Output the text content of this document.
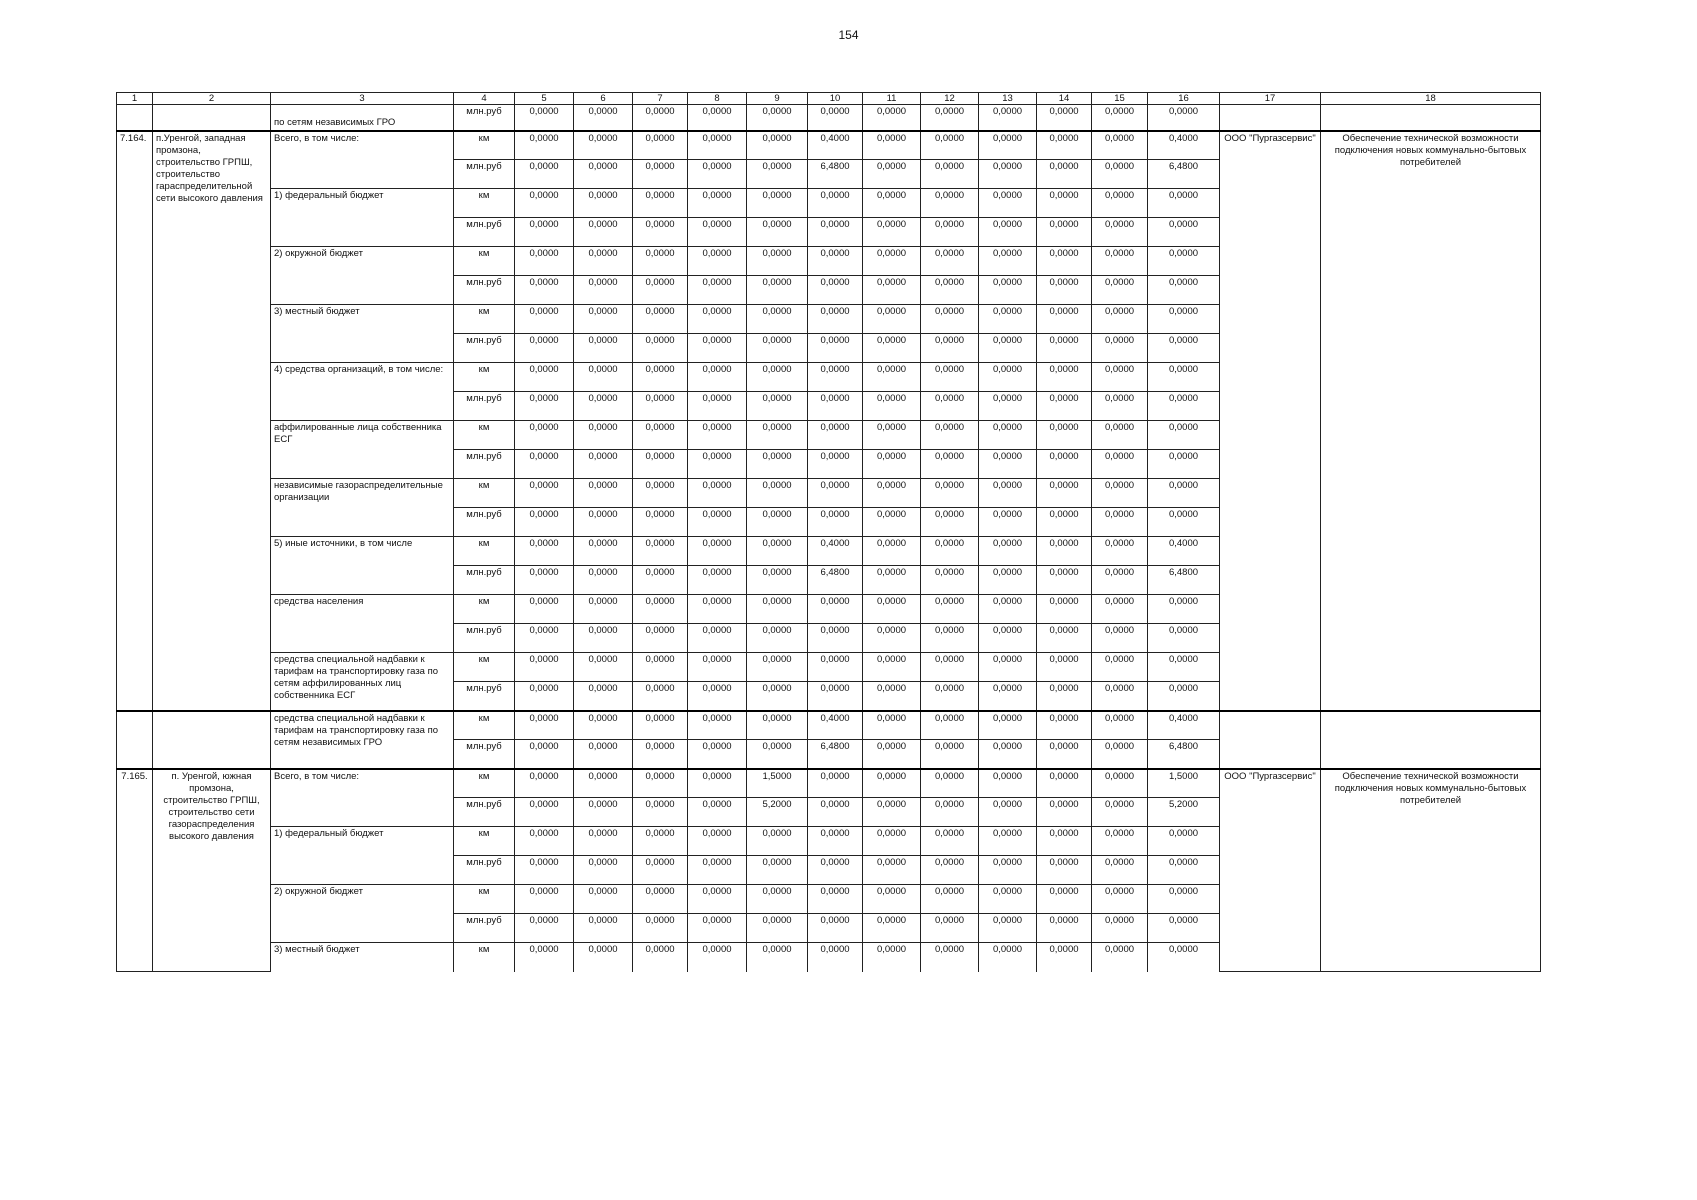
154
1	2	3	4	5	6	7	8	9	10	11	12	13	14	15	16	17	18
		по сетям независимых ГРО	млн.руб	0,0000	0,0000	0,0000	0,0000	0,0000	0,0000	0,0000	0,0000	0,0000	0,0000	0,0000	0,0000		
7.164.	п.Уренгой, западная промзона, строительство ГРПШ, строительство гараспределительной сети высокого давления	Всего, в том числе:	км	0,0000	0,0000	0,0000	0,0000	0,0000	0,4000	0,0000	0,0000	0,0000	0,0000	0,0000	0,4000	ООО "Пургазсервис"	Обеспечение технической возможности подключения новых коммунально-бытовых потребителей
			млн.руб	0,0000	0,0000	0,0000	0,0000	0,0000	6,4800	0,0000	0,0000	0,0000	0,0000	0,0000	6,4800		
		1) федеральный бюджет	км	0,0000	0,0000	0,0000	0,0000	0,0000	0,0000	0,0000	0,0000	0,0000	0,0000	0,0000	0,0000		
			млн.руб	0,0000	0,0000	0,0000	0,0000	0,0000	0,0000	0,0000	0,0000	0,0000	0,0000	0,0000	0,0000		
		2) окружной бюджет	км	0,0000	0,0000	0,0000	0,0000	0,0000	0,0000	0,0000	0,0000	0,0000	0,0000	0,0000	0,0000		
			млн.руб	0,0000	0,0000	0,0000	0,0000	0,0000	0,0000	0,0000	0,0000	0,0000	0,0000	0,0000	0,0000		
		3) местный бюджет	км	0,0000	0,0000	0,0000	0,0000	0,0000	0,0000	0,0000	0,0000	0,0000	0,0000	0,0000	0,0000		
			млн.руб	0,0000	0,0000	0,0000	0,0000	0,0000	0,0000	0,0000	0,0000	0,0000	0,0000	0,0000	0,0000		
		4) средства организаций, в том числе:	км	0,0000	0,0000	0,0000	0,0000	0,0000	0,0000	0,0000	0,0000	0,0000	0,0000	0,0000	0,0000		
			млн.руб	0,0000	0,0000	0,0000	0,0000	0,0000	0,0000	0,0000	0,0000	0,0000	0,0000	0,0000	0,0000		
		аффилированные лица собственника ЕСГ	км	0,0000	0,0000	0,0000	0,0000	0,0000	0,0000	0,0000	0,0000	0,0000	0,0000	0,0000	0,0000		
			млн.руб	0,0000	0,0000	0,0000	0,0000	0,0000	0,0000	0,0000	0,0000	0,0000	0,0000	0,0000	0,0000		
		независимые газораспределительные организации	км	0,0000	0,0000	0,0000	0,0000	0,0000	0,0000	0,0000	0,0000	0,0000	0,0000	0,0000	0,0000		
			млн.руб	0,0000	0,0000	0,0000	0,0000	0,0000	0,0000	0,0000	0,0000	0,0000	0,0000	0,0000	0,0000		
		5) иные источники, в том числе	км	0,0000	0,0000	0,0000	0,0000	0,0000	0,4000	0,0000	0,0000	0,0000	0,0000	0,0000	0,4000		
			млн.руб	0,0000	0,0000	0,0000	0,0000	0,0000	6,4800	0,0000	0,0000	0,0000	0,0000	0,0000	6,4800		
		средства населения	км	0,0000	0,0000	0,0000	0,0000	0,0000	0,0000	0,0000	0,0000	0,0000	0,0000	0,0000	0,0000		
			млн.руб	0,0000	0,0000	0,0000	0,0000	0,0000	0,0000	0,0000	0,0000	0,0000	0,0000	0,0000	0,0000		
		средства специальной надбавки к тарифам на транспортировку газа по сетям аффилированных лиц собственника ЕСГ	км	0,0000	0,0000	0,0000	0,0000	0,0000	0,0000	0,0000	0,0000	0,0000	0,0000	0,0000	0,0000		
			млн.руб	0,0000	0,0000	0,0000	0,0000	0,0000	0,0000	0,0000	0,0000	0,0000	0,0000	0,0000	0,0000		
		средства специальной надбавки к тарифам на транспортировку газа по сетям независимых ГРО	км	0,0000	0,0000	0,0000	0,0000	0,0000	0,4000	0,0000	0,0000	0,0000	0,0000	0,0000	0,4000		
			млн.руб	0,0000	0,0000	0,0000	0,0000	0,0000	6,4800	0,0000	0,0000	0,0000	0,0000	0,0000	6,4800		
7.165.	п. Уренгой, южная промзона, строительство ГРПШ, строительство сети газораспределения высокого давления	Всего, в том числе:	км	0,0000	0,0000	0,0000	0,0000	1,5000	0,0000	0,0000	0,0000	0,0000	0,0000	0,0000	1,5000	ООО "Пургазсервис"	Обеспечение технической возможности подключения новых коммунально-бытовых потребителей
			млн.руб	0,0000	0,0000	0,0000	0,0000	5,2000	0,0000	0,0000	0,0000	0,0000	0,0000	0,0000	5,2000		
		1) федеральный бюджет	км	0,0000	0,0000	0,0000	0,0000	0,0000	0,0000	0,0000	0,0000	0,0000	0,0000	0,0000	0,0000		
			млн.руб	0,0000	0,0000	0,0000	0,0000	0,0000	0,0000	0,0000	0,0000	0,0000	0,0000	0,0000	0,0000		
		2) окружной бюджет	км	0,0000	0,0000	0,0000	0,0000	0,0000	0,0000	0,0000	0,0000	0,0000	0,0000	0,0000	0,0000		
			млн.руб	0,0000	0,0000	0,0000	0,0000	0,0000	0,0000	0,0000	0,0000	0,0000	0,0000	0,0000	0,0000		
		3) местный бюджет	км	0,0000	0,0000	0,0000	0,0000	0,0000	0,0000	0,0000	0,0000	0,0000	0,0000	0,0000	0,0000		
